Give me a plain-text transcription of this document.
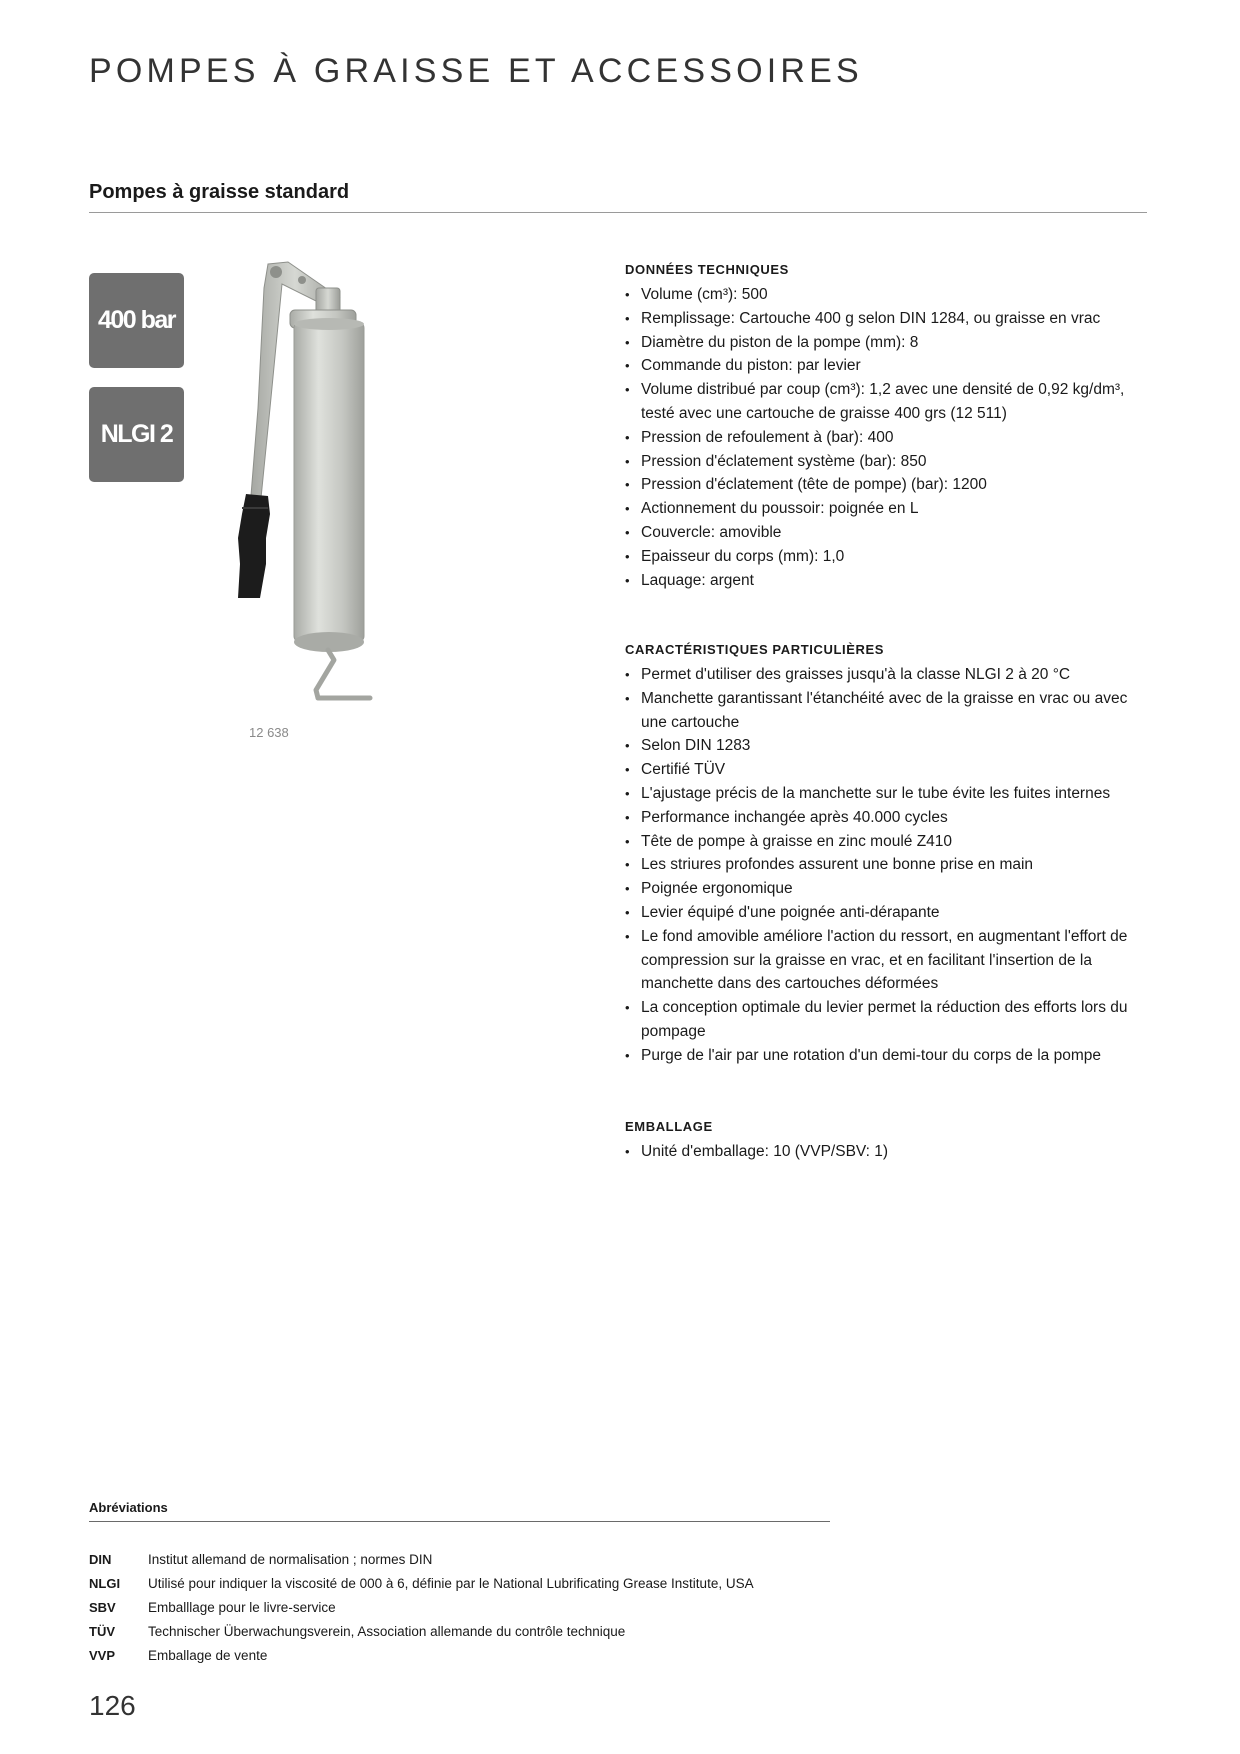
POMPES À GRAISSE ET ACCESSOIRES
Pompes à graisse standard
400 bar
NLGI 2
12 638
DONNÉES TECHNIQUES
• Volume (cm³): 500
• Remplissage: Cartouche 400 g selon DIN 1284, ou graisse en vrac
• Diamètre du piston de la pompe (mm): 8
• Commande du piston: par levier
• Volume distribué par coup (cm³): 1,2 avec une densité de 0,92 kg/dm³, testé avec une cartouche de graisse 400 grs (12 511)
• Pression de refoulement à (bar): 400
• Pression d'éclatement système (bar): 850
• Pression d'éclatement (tête de pompe) (bar): 1200
• Actionnement du poussoir: poignée en L
• Couvercle: amovible
• Epaisseur du corps (mm): 1,0
• Laquage: argent
CARACTÉRISTIQUES PARTICULIÈRES
• Permet d'utiliser des graisses jusqu'à la classe NLGI 2 à 20 °C
• Manchette garantissant l'étanchéité avec de la graisse en vrac ou avec une cartouche
• Selon DIN 1283
• Certifié TÜV
• L'ajustage précis de la manchette sur le tube évite les fuites internes
• Performance inchangée après 40.000 cycles
• Tête de pompe à graisse en zinc moulé Z410
• Les striures profondes assurent une bonne prise en main
• Poignée ergonomique
• Levier équipé d'une poignée anti-dérapante
• Le fond amovible améliore l'action du ressort, en augmentant l'effort de compression sur la graisse en vrac, et en facilitant l'insertion de la manchette dans des cartouches déformées
• La conception optimale du levier permet la réduction des efforts lors du pompage
• Purge de l'air par une rotation d'un demi-tour du corps de la pompe
EMBALLAGE
• Unité d'emballage: 10 (VVP/SBV: 1)
Abréviations
DIN	Institut allemand de normalisation ; normes DIN
NLGI	Utilisé pour indiquer la viscosité de 000 à 6, définie par le National Lubrificating Grease Institute, USA
SBV	Emballlage pour le livre-service
TÜV	Technischer Überwachungsverein, Association allemande du contrôle technique
VVP	Emballage de vente
126
